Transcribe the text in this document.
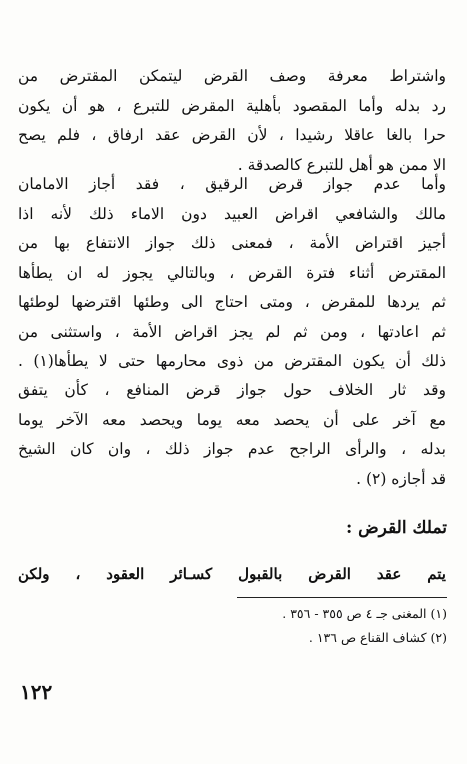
واشتراط معرفة وصف القرض ليتمكن المقترض من
رد بدله وأما المقصود بأهلية المقرض للتبرع ، هو أن يكون
حرا بالغا عاقلا رشيدا ، لأن القرض عقد ارفاق ، فلم يصح
الا ممن هو أهل للتبرع كالصدقة .
وأما عدم جواز قرض الرقيق ، فقد أجاز الامامان
مالك والشافعي اقراض العبيد دون الاماء ذلك لأنه اذا
أجيز اقتراض الأمة ، فمعنى ذلك جواز الانتفاع بها من
المقترض أثناء فترة القرض ، وبالتالي يجوز له ان يطأها
ثم يردها للمقرض ، ومتى احتاج الى وطئها اقترضها لوطئها
ثم اعادتها ، ومن ثم لم يجز اقراض الأمة ، واستثنى من
ذلك أن يكون المقترض من ذوى محارمها حتى لا يطأها(١) .
وقد ثار الخلاف حول جواز قرض المنافع ، كأن يتفق
مع آخر على أن يحصد معه يوما ويحصد معه الآخر يوما
بدله ، والرأى الراجح عدم جواز ذلك ، وان كان الشيخ
قد أجازه (٢) .
تملك القرض :
يتم عقد القرض بالقبول كسـائر العقود ، ولكن
(١) المغنى جـ ٤ ص ٣٥٥ - ٣٥٦ .
(٢) كشاف القناع ص ١٣٦ .
١٢٢
